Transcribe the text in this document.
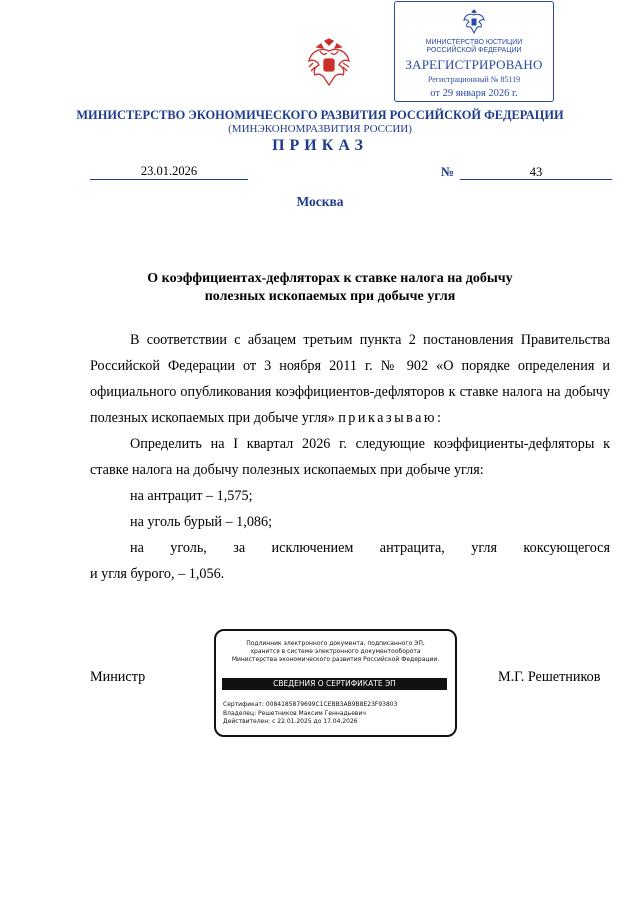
МИНИСТЕРСТВО ЮСТИЦИИ
РОССИЙСКОЙ ФЕДЕРАЦИИ
ЗАРЕГИСТРИРОВАНО
Регистрационный № 85119
от 29 января 2026 г.
МИНИСТЕРСТВО ЭКОНОМИЧЕСКОГО РАЗВИТИЯ РОССИЙСКОЙ ФЕДЕРАЦИИ
(МИНЭКОНОМРАЗВИТИЯ РОССИИ)
ПРИКАЗ
23.01.2026	№	43
Москва
О коэффициентах-дефляторах к ставке налога на добычу
полезных ископаемых при добыче угля

В соответствии с абзацем третьим пункта 2 постановления Правительства Российской Федерации от 3 ноября 2011 г. № 902 «О порядке определения и официального опубликования коэффициентов-дефляторов к ставке налога на добычу полезных ископаемых при добыче угля» приказываю:

Определить на I квартал 2026 г. следующие коэффициенты-дефляторы к ставке налога на добычу полезных ископаемых при добыче угля:

на антрацит – 1,575;

на уголь бурый – 1,086;

на уголь, за исключением антрацита, угля коксующегося

и угля бурого, – 1,056.

Министр	М.Г. Решетников
Подлинник электронного документа, подписанного ЭП,
хранится в системе электронного документооборота
Министерства экономического развития Российской Федерации.
СВЕДЕНИЯ О СЕРТИФИКАТЕ ЭП
Сертификат: 0084185879699C1CEBB3AB9B8E23F93803
Владелец: Решетников Максим Геннадьевич
Действителен: с 22.01.2025 до 17.04.2026
